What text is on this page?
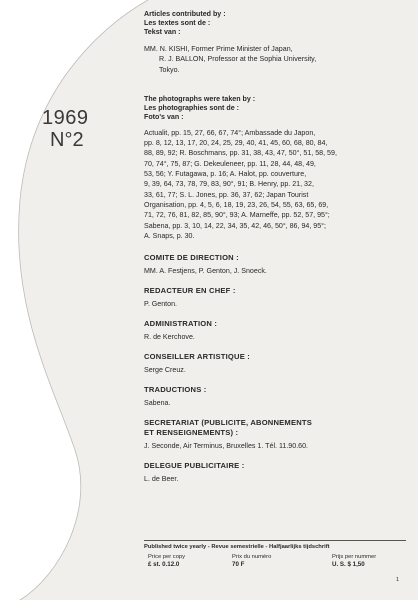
1969
N°2
Articles contributed by :
Les textes sont de :
Tekst van :
MM. N. KISHI, Former Prime Minister of Japan,
R. J. BALLON, Professor at the Sophia University,
Tokyo.
The photographs were taken by :
Les photographies sont de :
Foto's van :
Actualit, pp. 15, 27, 66, 67, 74°; Ambassade du Japon,
pp. 8, 12, 13, 17, 20, 24, 25, 29, 40, 41, 45, 60, 68, 80, 84,
88, 89, 92; R. Boschmans, pp. 31, 38, 43, 47, 50°, 51, 58, 59,
70, 74°, 75, 87; G. Dekeuleneer, pp. 11, 28, 44, 48, 49,
53, 56; Y. Futagawa, p. 16; A. Halot, pp. couverture,
9, 39, 64, 73, 78, 79, 83, 90°, 91; B. Henry, pp. 21, 32,
33, 61, 77; S. L. Jones, pp. 36, 37, 62; Japan Tourist
Organisation, pp. 4, 5, 6, 18, 19, 23, 26, 54, 55, 63, 65, 69,
71, 72, 76, 81, 82, 85, 90°, 93; A. Marneffe, pp. 52, 57, 95°;
Sabena, pp. 3, 10, 14, 22, 34, 35, 42, 46, 50°, 86, 94, 95°;
A. Snaps, p. 30.
COMITE DE DIRECTION :
MM. A. Festjens, P. Genton, J. Snoeck.
REDACTEUR EN CHEF :
P. Genton.
ADMINISTRATION :
R. de Kerchove.
CONSEILLER ARTISTIQUE :
Serge Creuz.
TRADUCTIONS :
Sabena.
SECRETARIAT (PUBLICITE, ABONNEMENTS
ET RENSEIGNEMENTS) :
J. Seconde, Air Terminus, Bruxelles 1. Tél. 11.90.60.
DELEGUE PUBLICITAIRE :
L. de Beer.
Published twice yearly - Revue semestrielle - Halfjaarlijks tijdschrift
Price per copy
£ st. 0.12.0
Prix du numéro
70 F
Prijs per nummer
U. S. $ 1,50
1
